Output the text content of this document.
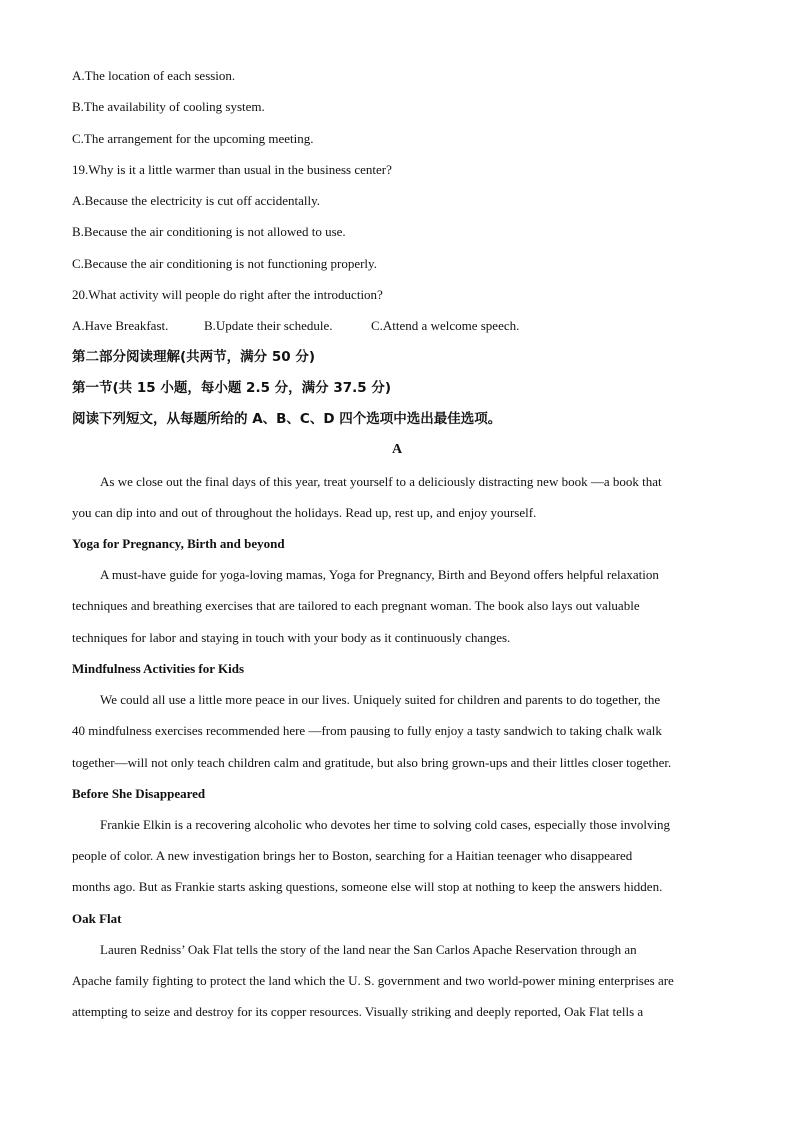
A.The location of each session.
B.The availability of cooling system.
C.The arrangement for the upcoming meeting.
19.Why is it a little warmer than usual in the business center?
A.Because the electricity is cut off accidentally.
B.Because the air conditioning is not allowed to use.
C.Because the air conditioning is not functioning properly.
20.What activity will people do right after the introduction?
A.Have Breakfast.	B.Update their schedule.	C.Attend a welcome speech.
第二部分阅读理解(共两节，满分 50 分)
第一节(共 15 小题，每小题 2.5 分，满分 37.5 分)
阅读下列短文，从每题所给的 A、B、C、D 四个选项中选出最佳选项。
A
As we close out the final days of this year, treat yourself to a deliciously distracting new book —a book that
you can dip into and out of throughout the holidays. Read up, rest up, and enjoy yourself.
Yoga for Pregnancy, Birth and beyond
A must-have guide for yoga-loving mamas, Yoga for Pregnancy, Birth and Beyond offers helpful relaxation
techniques and breathing exercises that are tailored to each pregnant woman. The book also lays out valuable
techniques for labor and staying in touch with your body as it continuously changes.
Mindfulness Activities for Kids
We could all use a little more peace in our lives. Uniquely suited for children and parents to do together, the
40 mindfulness exercises recommended here —from pausing to fully enjoy a tasty sandwich to taking chalk walk
together—will not only teach children calm and gratitude, but also bring grown-ups and their littles closer together.
Before She Disappeared
Frankie Elkin is a recovering alcoholic who devotes her time to solving cold cases, especially those involving
people of color. A new investigation brings her to Boston, searching for a Haitian teenager who disappeared
months ago. But as Frankie starts asking questions, someone else will stop at nothing to keep the answers hidden.
Oak Flat
Lauren Redniss’ Oak Flat tells the story of the land near the San Carlos Apache Reservation through an
Apache family fighting to protect the land which the U. S. government and two world-power mining enterprises are
attempting to seize and destroy for its copper resources. Visually striking and deeply reported, Oak Flat tells a
